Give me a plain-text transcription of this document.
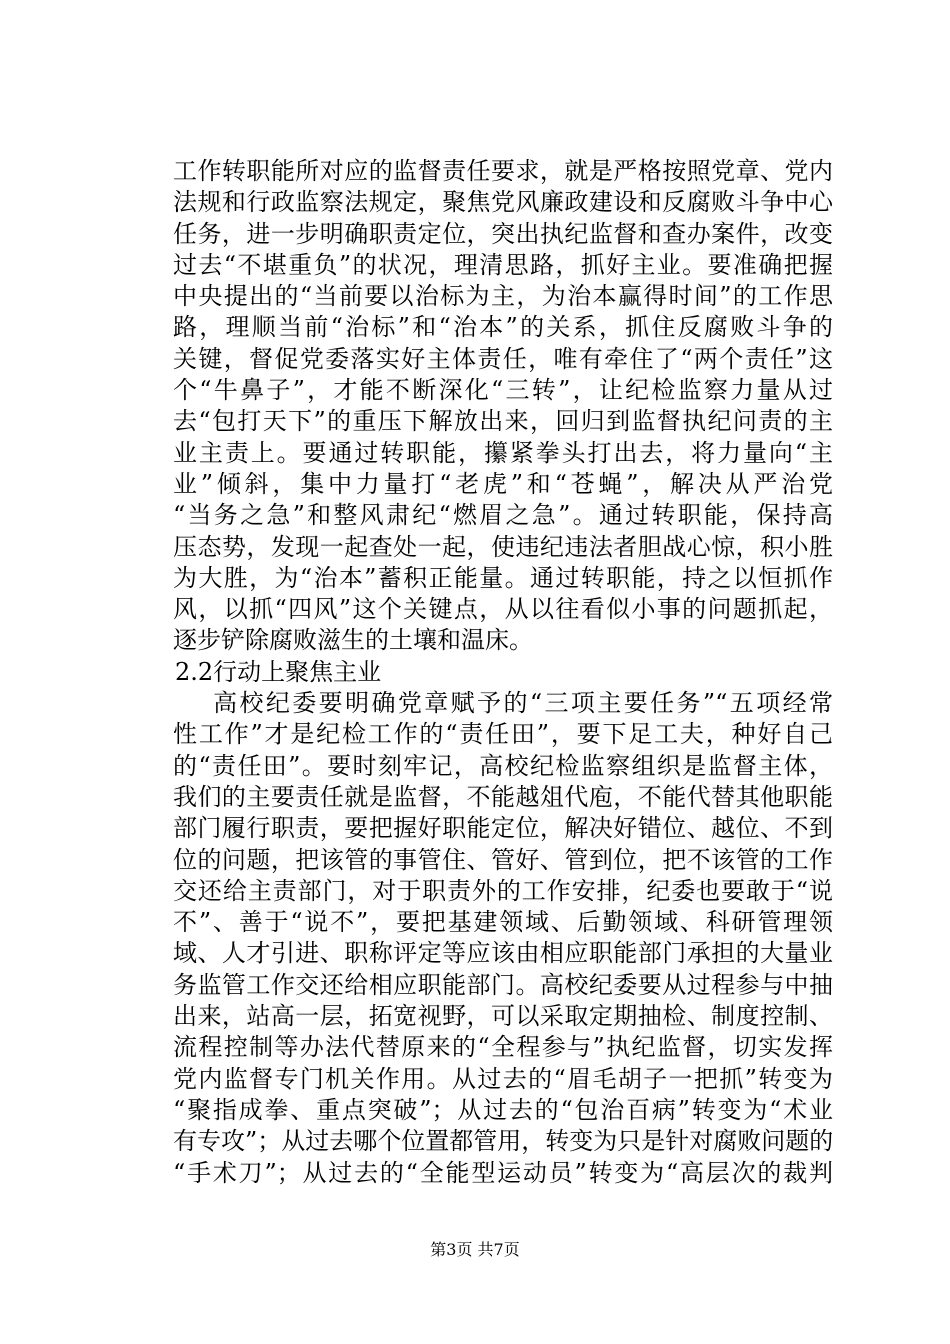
工作转职能所对应的监督责任要求，就是严格按照党章、党内
法规和行政监察法规定，聚焦党风廉政建设和反腐败斗争中心
任务，进一步明确职责定位，突出执纪监督和查办案件，改变
过去“不堪重负”的状况，理清思路，抓好主业。要准确把握
中央提出的“当前要以治标为主，为治本赢得时间”的工作思
路，理顺当前“治标”和“治本”的关系，抓住反腐败斗争的
关键，督促党委落实好主体责任，唯有牵住了“两个责任”这
个“牛鼻子”，才能不断深化“三转”，让纪检监察力量从过
去“包打天下”的重压下解放出来，回归到监督执纪问责的主
业主责上。要通过转职能，攥紧拳头打出去，将力量向“主
业”倾斜，集中力量打“老虎”和“苍蝇”，解决从严治党
“当务之急”和整风肃纪“燃眉之急”。通过转职能，保持高
压态势，发现一起查处一起，使违纪违法者胆战心惊，积小胜
为大胜，为“治本”蓄积正能量。通过转职能，持之以恒抓作
风，以抓“四风”这个关键点，从以往看似小事的问题抓起，
逐步铲除腐败滋生的土壤和温床。
2.2行动上聚焦主业
高校纪委要明确党章赋予的“三项主要任务”“五项经常
性工作”才是纪检工作的“责任田”，要下足工夫，种好自己
的“责任田”。要时刻牢记，高校纪检监察组织是监督主体，
我们的主要责任就是监督，不能越俎代庖，不能代替其他职能
部门履行职责，要把握好职能定位，解决好错位、越位、不到
位的问题，把该管的事管住、管好、管到位，把不该管的工作
交还给主责部门，对于职责外的工作安排，纪委也要敢于“说
不”、善于“说不”，要把基建领域、后勤领域、科研管理领
域、人才引进、职称评定等应该由相应职能部门承担的大量业
务监管工作交还给相应职能部门。高校纪委要从过程参与中抽
出来，站高一层，拓宽视野，可以采取定期抽检、制度控制、
流程控制等办法代替原来的“全程参与”执纪监督，切实发挥
党内监督专门机关作用。从过去的“眉毛胡子一把抓”转变为
“聚指成拳、重点突破”；从过去的“包治百病”转变为“术业
有专攻”；从过去哪个位置都管用，转变为只是针对腐败问题的
“手术刀”；从过去的“全能型运动员”转变为“高层次的裁判
第3页 共7页
